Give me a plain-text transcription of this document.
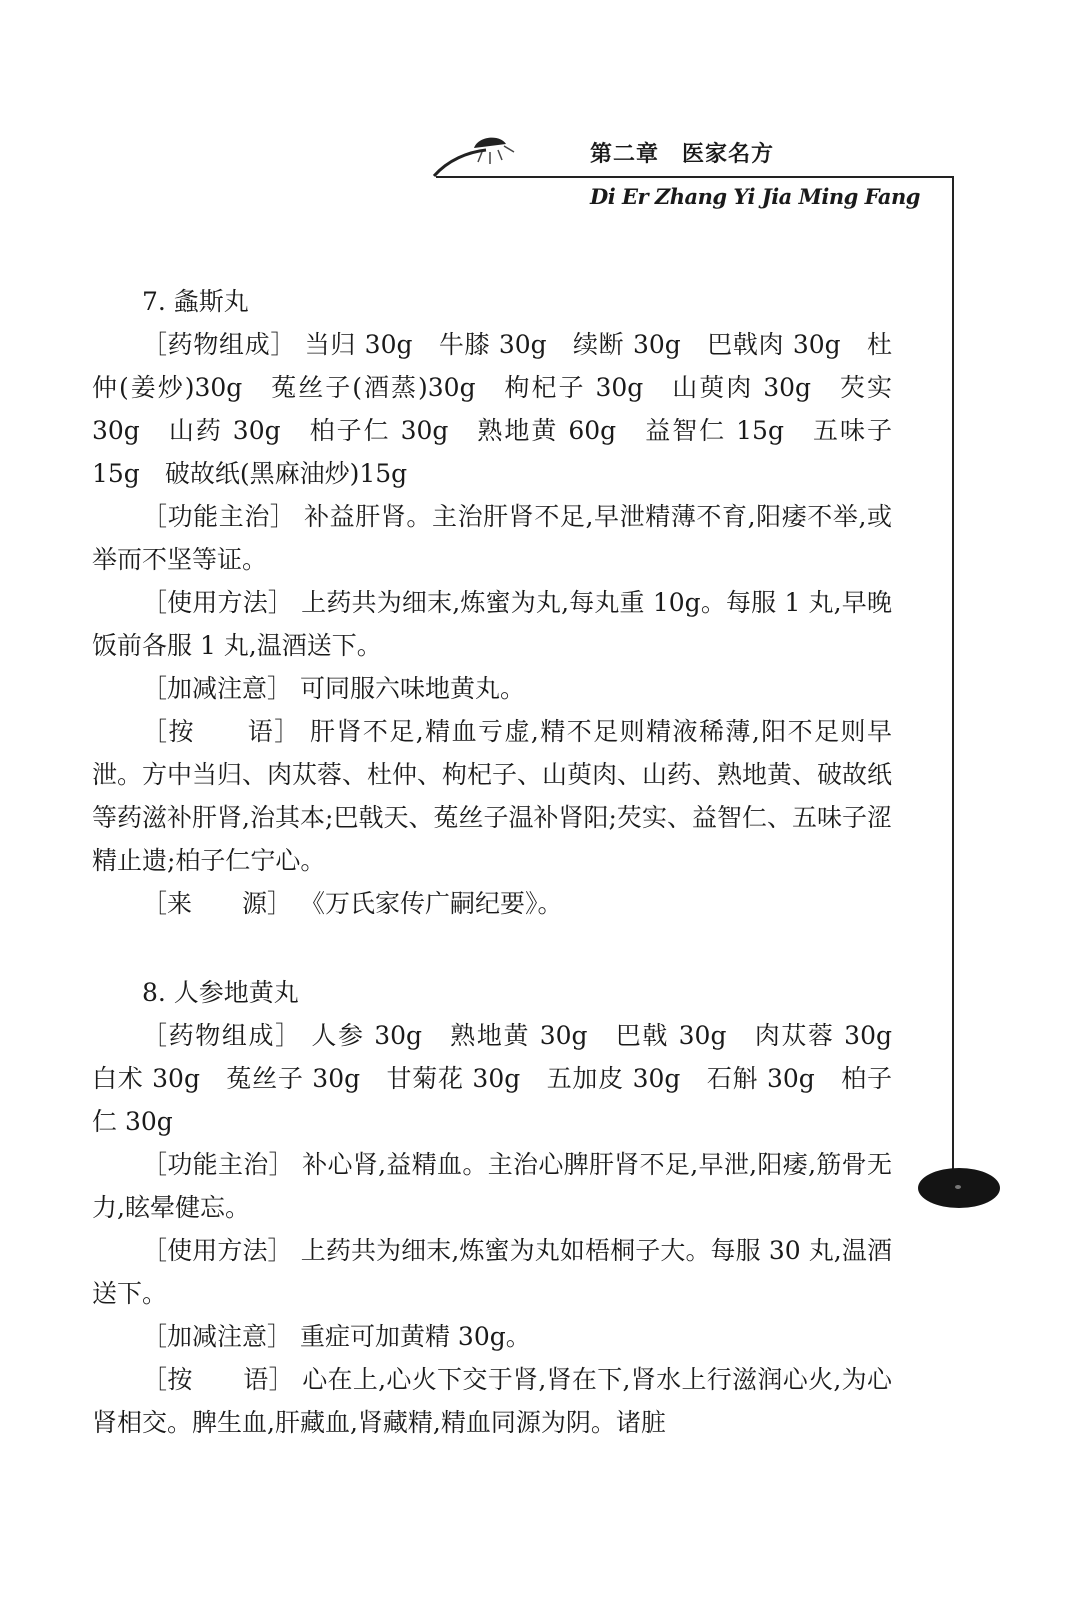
第二章　医家名方
Di Er Zhang Yi Jia Ming Fang
7. 螽斯丸

［药物组成］ 当归 30g　牛膝 30g　续断 30g　巴戟肉 30g　杜仲(姜炒)30g　菟丝子(酒蒸)30g　枸杞子 30g　山萸肉 30g　芡实 30g　山药 30g　柏子仁 30g　熟地黄 60g　益智仁 15g　五味子 15g　破故纸(黑麻油炒)15g

［功能主治］ 补益肝肾。主治肝肾不足,早泄精薄不育,阳痿不举,或举而不坚等证。

［使用方法］ 上药共为细末,炼蜜为丸,每丸重 10g。每服 1 丸,早晚饭前各服 1 丸,温酒送下。

［加减注意］ 可同服六味地黄丸。

［按　　语］ 肝肾不足,精血亏虚,精不足则精液稀薄,阳不足则早泄。方中当归、肉苁蓉、杜仲、枸杞子、山萸肉、山药、熟地黄、破故纸等药滋补肝肾,治其本;巴戟天、菟丝子温补肾阳;芡实、益智仁、五味子涩精止遗;柏子仁宁心。

［来　　源］ 《万氏家传广嗣纪要》。

8. 人参地黄丸

［药物组成］ 人参 30g　熟地黄 30g　巴戟 30g　肉苁蓉 30g　白术 30g　菟丝子 30g　甘菊花 30g　五加皮 30g　石斛 30g　柏子仁 30g

［功能主治］ 补心肾,益精血。主治心脾肝肾不足,早泄,阳痿,筋骨无力,眩晕健忘。

［使用方法］ 上药共为细末,炼蜜为丸如梧桐子大。每服 30 丸,温酒送下。

［加减注意］ 重症可加黄精 30g。

［按　　语］ 心在上,心火下交于肾,肾在下,肾水上行滋润心火,为心肾相交。脾生血,肝藏血,肾藏精,精血同源为阴。诸脏
